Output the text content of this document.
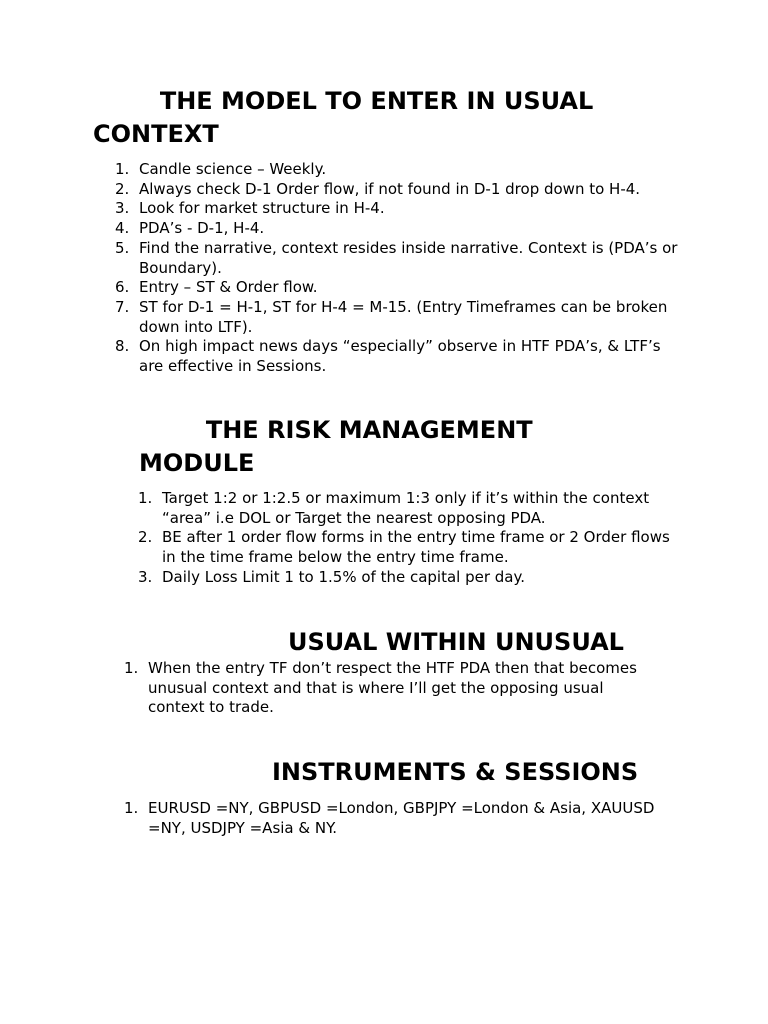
THE MODEL TO ENTER IN USUAL CONTEXT
1. Candle science – Weekly.
2. Always check D-1 Order flow, if not found in D-1 drop down to H-4.
3. Look for market structure in H-4.
4. PDA’s - D-1, H-4.
5. Find the narrative, context resides inside narrative. Context is (PDA’s or Boundary).
6. Entry – ST & Order flow.
7. ST for D-1 = H-1, ST for H-4 = M-15. (Entry Timeframes can be broken down into LTF).
8. On high impact news days “especially” observe in HTF PDA’s, & LTF’s are effective in Sessions.
THE RISK MANAGEMENT MODULE
1. Target 1:2 or 1:2.5 or maximum 1:3 only if it’s within the context “area” i.e DOL or Target the nearest opposing PDA.
2. BE after 1 order flow forms in the entry time frame or 2 Order flows in the time frame below the entry time frame.
3. Daily Loss Limit 1 to 1.5% of the capital per day.
USUAL WITHIN UNUSUAL
1. When the entry TF don’t respect the HTF PDA then that becomes unusual context and that is where I’ll get the opposing usual context to trade.
INSTRUMENTS & SESSIONS
1. EURUSD =NY, GBPUSD =London, GBPJPY =London & Asia, XAUUSD =NY, USDJPY =Asia & NY.
